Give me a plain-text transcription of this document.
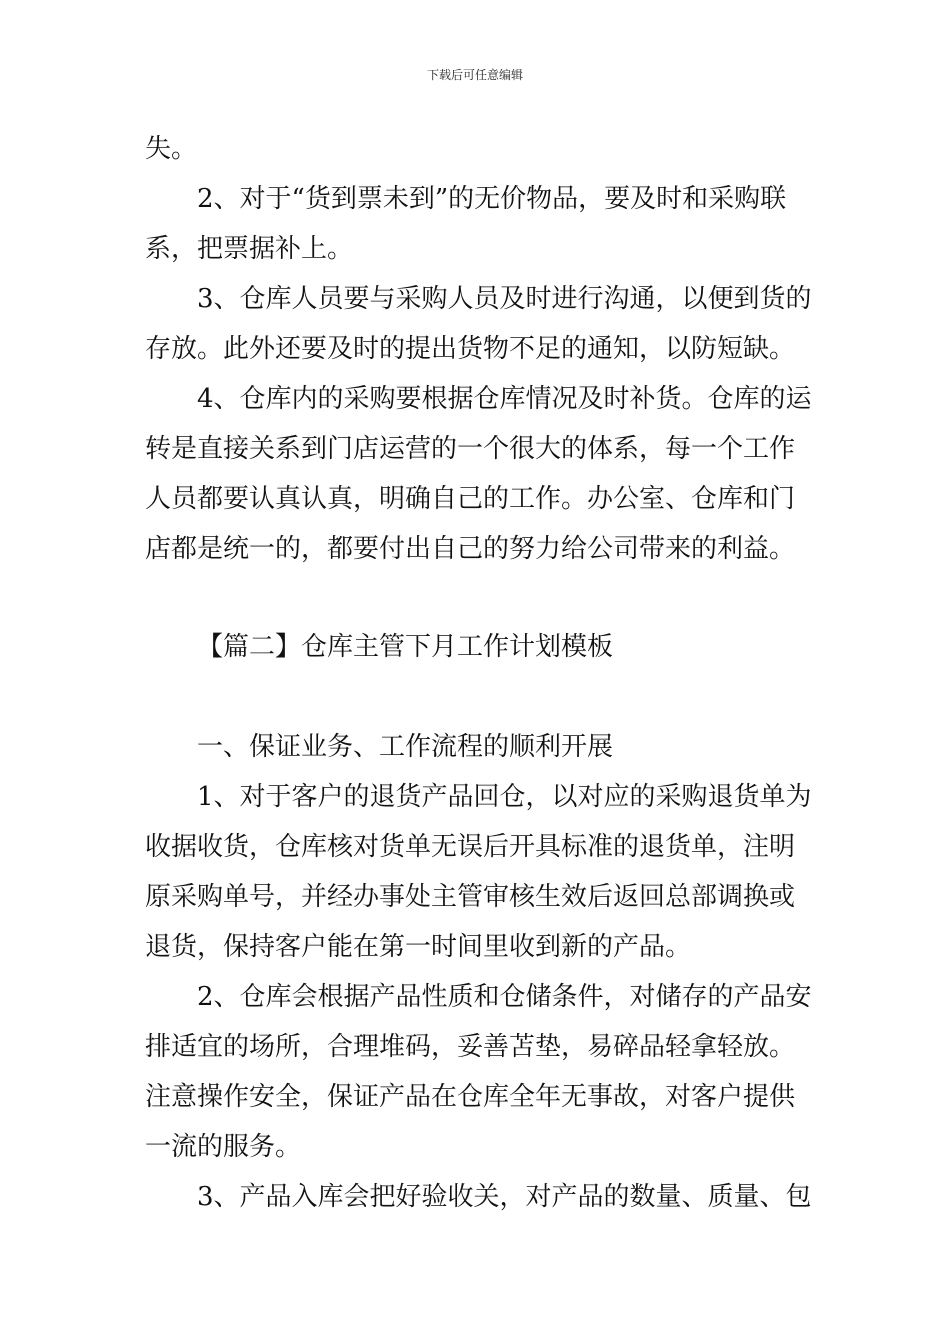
下载后可任意编辑
失。
2、对于“货到票未到”的无价物品，要及时和采购联
系，把票据补上。
3、仓库人员要与采购人员及时进行沟通，以便到货的
存放。此外还要及时的提出货物不足的通知，以防短缺。
4、仓库内的采购要根据仓库情况及时补货。仓库的运
转是直接关系到门店运营的一个很大的体系，每一个工作
人员都要认真认真，明确自己的工作。办公室、仓库和门
店都是统一的，都要付出自己的努力给公司带来的利益。
【篇二】仓库主管下月工作计划模板
一、保证业务、工作流程的顺利开展
1、对于客户的退货产品回仓，以对应的采购退货单为
收据收货，仓库核对货单无误后开具标准的退货单，注明
原采购单号，并经办事处主管审核生效后返回总部调换或
退货，保持客户能在第一时间里收到新的产品。
2、仓库会根据产品性质和仓储条件，对储存的产品安
排适宜的场所，合理堆码，妥善苫垫，易碎品轻拿轻放。
注意操作安全，保证产品在仓库全年无事故，对客户提供
一流的服务。
3、产品入库会把好验收关，对产品的数量、质量、包
